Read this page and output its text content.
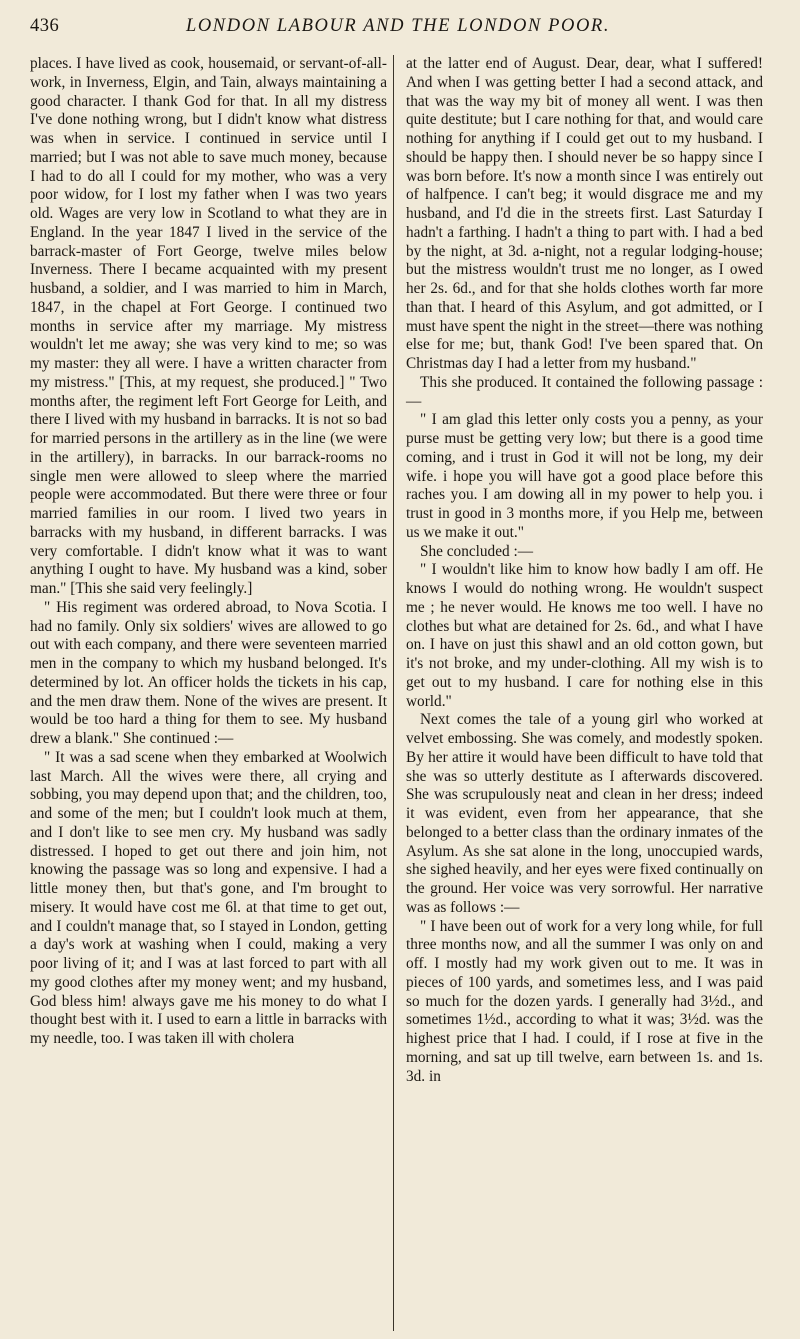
436	LONDON LABOUR AND THE LONDON POOR.

places. I have lived as cook, housemaid, or servant-of-all-work, in Inverness, Elgin, and Tain, always maintaining a good character. I thank God for that. In all my distress I've done nothing wrong, but I didn't know what distress was when in service. I continued in service until I married; but I was not able to save much money, because I had to do all I could for my mother, who was a very poor widow, for I lost my father when I was two years old. Wages are very low in Scotland to what they are in England. In the year 1847 I lived in the service of the barrack-master of Fort George, twelve miles below Inverness. There I became acquainted with my present husband, a soldier, and I was married to him in March, 1847, in the chapel at Fort George. I continued two months in service after my marriage. My mistress wouldn't let me away; she was very kind to me; so was my master: they all were. I have a written character from my mistress." [This, at my request, she produced.] " Two months after, the regiment left Fort George for Leith, and there I lived with my husband in barracks. It is not so bad for married persons in the artillery as in the line (we were in the artillery), in barracks. In our barrack-rooms no single men were allowed to sleep where the married people were accommodated. But there were three or four married families in our room. I lived two years in barracks with my husband, in different barracks. I was very comfortable. I didn't know what it was to want anything I ought to have. My husband was a kind, sober man." [This she said very feelingly.]

" His regiment was ordered abroad, to Nova Scotia. I had no family. Only six soldiers' wives are allowed to go out with each company, and there were seventeen married men in the company to which my husband belonged. It's determined by lot. An officer holds the tickets in his cap, and the men draw them. None of the wives are present. It would be too hard a thing for them to see. My husband drew a blank." She continued :—

" It was a sad scene when they embarked at Woolwich last March. All the wives were there, all crying and sobbing, you may depend upon that; and the children, too, and some of the men; but I couldn't look much at them, and I don't like to see men cry. My husband was sadly distressed. I hoped to get out there and join him, not knowing the passage was so long and expensive. I had a little money then, but that's gone, and I'm brought to misery. It would have cost me 6l. at that time to get out, and I couldn't manage that, so I stayed in London, getting a day's work at washing when I could, making a very poor living of it; and I was at last forced to part with all my good clothes after my money went; and my husband, God bless him! always gave me his money to do what I thought best with it. I used to earn a little in barracks with my needle, too. I was taken ill with cholera

at the latter end of August. Dear, dear, what I suffered! And when I was getting better I had a second attack, and that was the way my bit of money all went. I was then quite destitute; but I care nothing for that, and would care nothing for anything if I could get out to my husband. I should be happy then. I should never be so happy since I was born before. It's now a month since I was entirely out of halfpence. I can't beg; it would disgrace me and my husband, and I'd die in the streets first. Last Saturday I hadn't a farthing. I hadn't a thing to part with. I had a bed by the night, at 3d. a-night, not a regular lodging-house; but the mistress wouldn't trust me no longer, as I owed her 2s. 6d., and for that she holds clothes worth far more than that. I heard of this Asylum, and got admitted, or I must have spent the night in the street—there was nothing else for me; but, thank God! I've been spared that. On Christmas day I had a letter from my husband."

This she produced. It contained the following passage :—

" I am glad this letter only costs you a penny, as your purse must be getting very low; but there is a good time coming, and i trust in God it will not be long, my deir wife. i hope you will have got a good place before this raches you. I am dowing all in my power to help you. i trust in good in 3 months more, if you Help me, between us we make it out."

She concluded :—

" I wouldn't like him to know how badly I am off. He knows I would do nothing wrong. He wouldn't suspect me ; he never would. He knows me too well. I have no clothes but what are detained for 2s. 6d., and what I have on. I have on just this shawl and an old cotton gown, but it's not broke, and my under-clothing. All my wish is to get out to my husband. I care for nothing else in this world."

Next comes the tale of a young girl who worked at velvet embossing. She was comely, and modestly spoken. By her attire it would have been difficult to have told that she was so utterly destitute as I afterwards discovered. She was scrupulously neat and clean in her dress; indeed it was evident, even from her appearance, that she belonged to a better class than the ordinary inmates of the Asylum. As she sat alone in the long, unoccupied wards, she sighed heavily, and her eyes were fixed continually on the ground. Her voice was very sorrowful. Her narrative was as follows :—

" I have been out of work for a very long while, for full three months now, and all the summer I was only on and off. I mostly had my work given out to me. It was in pieces of 100 yards, and sometimes less, and I was paid so much for the dozen yards. I generally had 3½d., and sometimes 1½d., according to what it was; 3½d. was the highest price that I had. I could, if I rose at five in the morning, and sat up till twelve, earn between 1s. and 1s. 3d. in
